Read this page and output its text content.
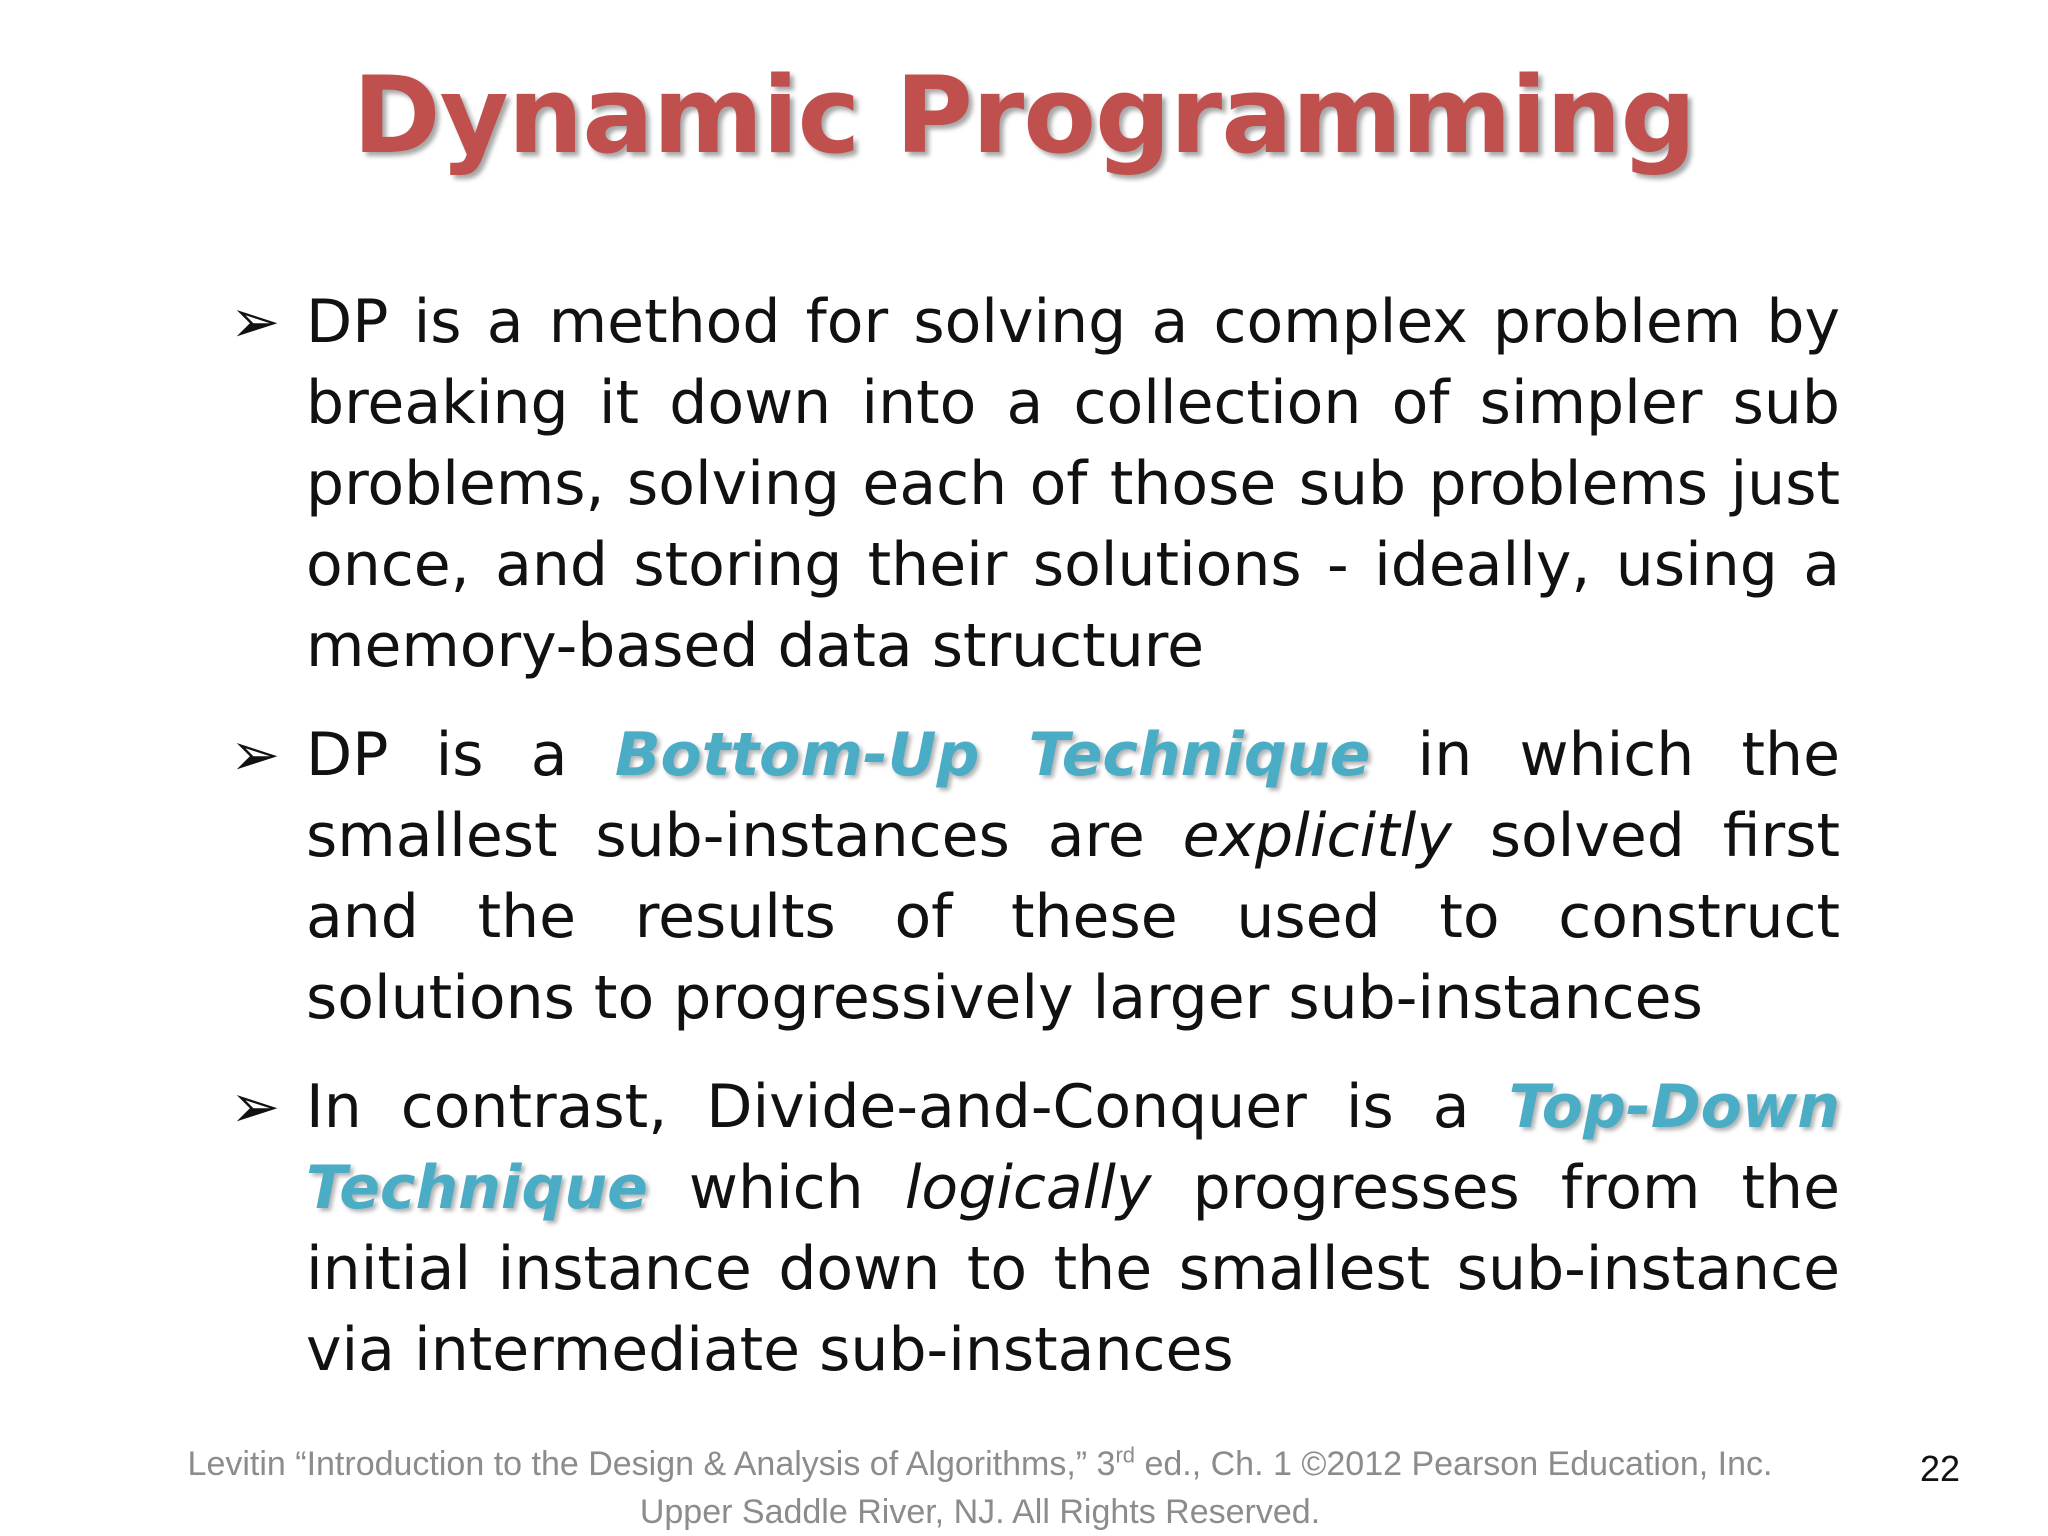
Dynamic Programming
➢ DP is a method for solving a complex problem by breaking it down into a collection of simpler sub problems, solving each of those sub problems just once, and storing their solutions - ideally, using a memory-based data structure
➢ DP is a Bottom-Up Technique in which the smallest sub-instances are explicitly solved first and the results of these used to construct solutions to progressively larger sub-instances
➢ In contrast, Divide-and-Conquer is a Top-Down Technique which logically progresses from the initial instance down to the smallest sub-instance via intermediate sub-instances
Levitin “Introduction to the Design & Analysis of Algorithms,” 3rd ed., Ch. 1 ©2012 Pearson Education, Inc. Upper Saddle River, NJ. All Rights Reserved.
22
